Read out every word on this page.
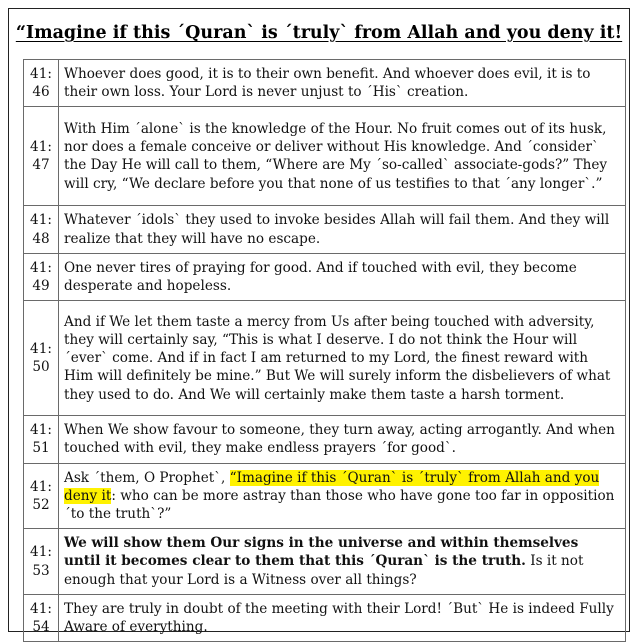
“Imagine if this ˊQuranˋ is ˊtrulyˋ from Allah and you deny it!
41:
46	Whoever does good, it is to their own benefit. And whoever does evil, it is to their own loss. Your Lord is never unjust to ˊHisˋ creation.
41:
47	With Him ˊaloneˋ is the knowledge of the Hour. No fruit comes out of its husk, nor does a female conceive or deliver without His knowledge. And ˊconsiderˋ the Day He will call to them, “Where are My ˊso-calledˋ associate-gods?” They will cry, “We declare before you that none of us testifies to that ˊany longerˋ.”
41:
48	Whatever ˊidolsˋ they used to invoke besides Allah will fail them. And they will realize that they will have no escape.
41:
49	One never tires of praying for good. And if touched with evil, they become desperate and hopeless.
41:
50	And if We let them taste a mercy from Us after being touched with adversity, they will certainly say, “This is what I deserve. I do not think the Hour will ˊeverˋ come. And if in fact I am returned to my Lord, the finest reward with Him will definitely be mine.” But We will surely inform the disbelievers of what they used to do. And We will certainly make them taste a harsh torment.
41:
51	When We show favour to someone, they turn away, acting arrogantly. And when touched with evil, they make endless prayers ˊfor goodˋ.
41:
52	Ask ˊthem, O Prophetˋ, “Imagine if this ˊQuranˋ is ˊtrulyˋ from Allah and you deny it: who can be more astray than those who have gone too far in opposition ˊto the truthˋ?”
41:
53	We will show them Our signs in the universe and within themselves until it becomes clear to them that this ˊQuranˋ is the truth. Is it not enough that your Lord is a Witness over all things?
41:
54	They are truly in doubt of the meeting with their Lord! ˊButˋ He is indeed Fully Aware of everything.
